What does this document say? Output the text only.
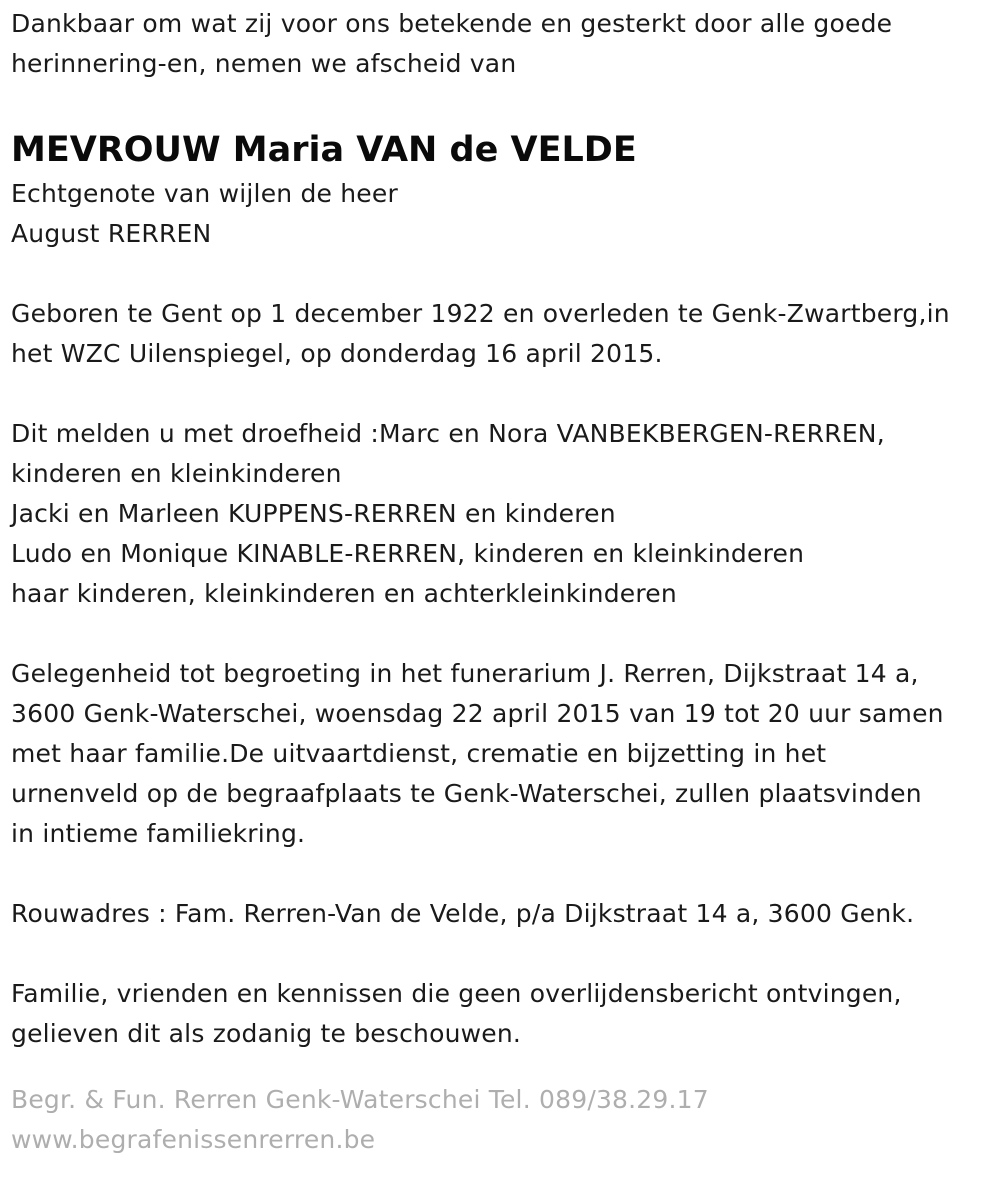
Dankbaar om wat zij voor ons betekende en gesterkt door alle goede
herinnering-en, nemen we afscheid van
MEVROUW Maria VAN de VELDE
Echtgenote van wijlen de heer
August RERREN
Geboren te Gent op 1 december 1922 en overleden te Genk-Zwartberg,in
het WZC Uilenspiegel, op donderdag 16 april 2015.
Dit melden u met droefheid :Marc en Nora VANBEKBERGEN-RERREN,
kinderen en kleinkinderen
Jacki en Marleen KUPPENS-RERREN en kinderen
Ludo en Monique KINABLE-RERREN, kinderen en kleinkinderen
haar kinderen, kleinkinderen en achterkleinkinderen
Gelegenheid tot begroeting in het funerarium J. Rerren, Dijkstraat 14 a,
3600 Genk-Waterschei, woensdag 22 april 2015 van 19 tot 20 uur samen
met haar familie.De uitvaartdienst, crematie en bijzetting in het
urnenveld op de begraafplaats te Genk-Waterschei, zullen plaatsvinden
in intieme familiekring.
Rouwadres : Fam. Rerren-Van de Velde, p/a Dijkstraat 14 a, 3600 Genk.
Familie, vrienden en kennissen die geen overlijdensbericht ontvingen,
gelieven dit als zodanig te beschouwen.
Begr. & Fun. Rerren Genk-Waterschei Tel. 089/38.29.17
www.begrafenissenrerren.be
